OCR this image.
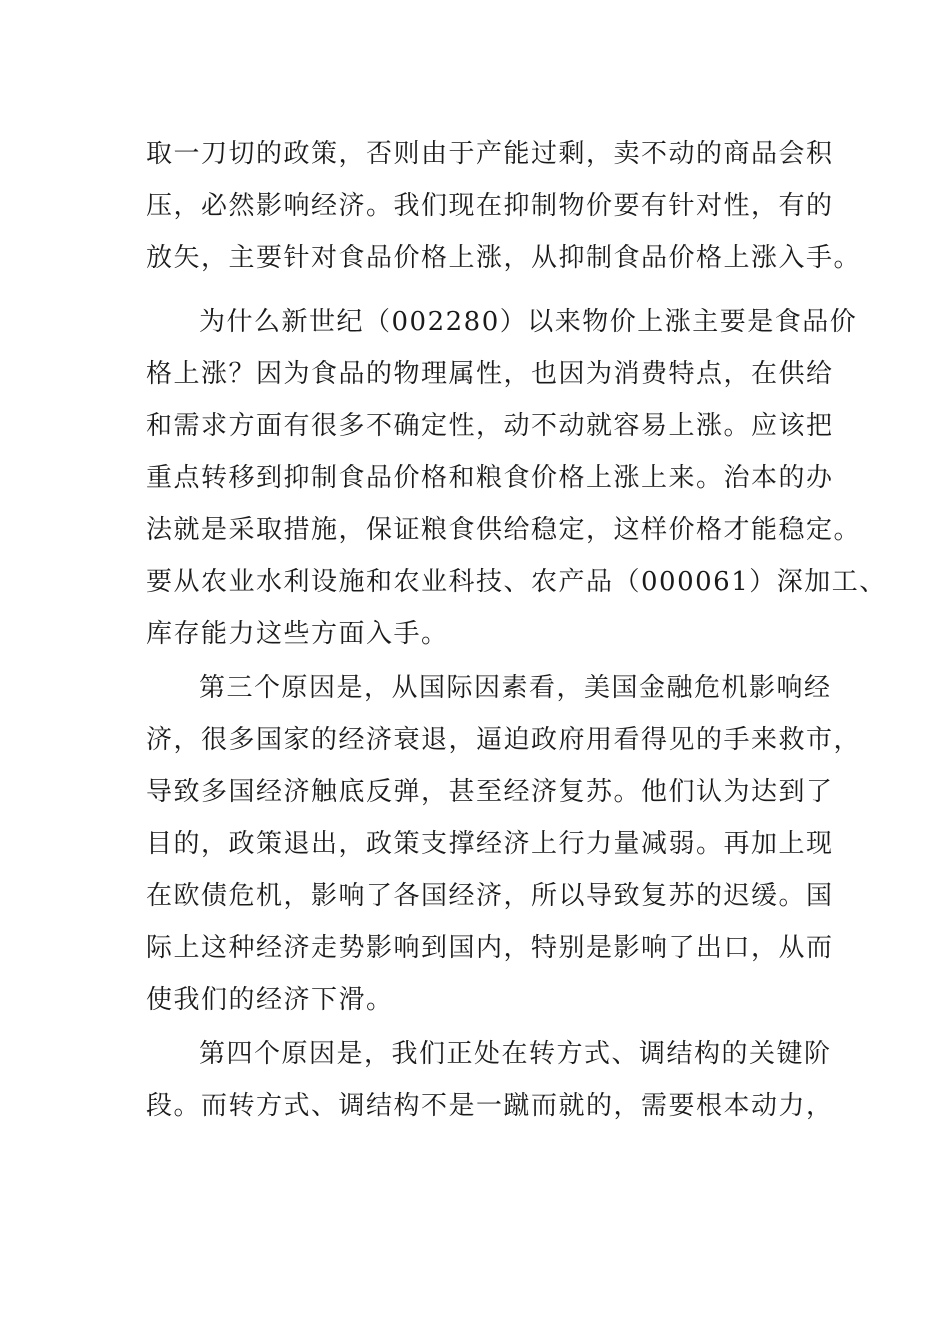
取一刀切的政策，否则由于产能过剩，卖不动的商品会积
压，必然影响经济。我们现在抑制物价要有针对性，有的
放矢，主要针对食品价格上涨，从抑制食品价格上涨入手。
为什么新世纪（002280）以来物价上涨主要是食品价
格上涨？因为食品的物理属性，也因为消费特点，在供给
和需求方面有很多不确定性，动不动就容易上涨。应该把
重点转移到抑制食品价格和粮食价格上涨上来。治本的办
法就是采取措施，保证粮食供给稳定，这样价格才能稳定。
要从农业水利设施和农业科技、农产品（000061）深加工、
库存能力这些方面入手。
第三个原因是，从国际因素看，美国金融危机影响经
济，很多国家的经济衰退，逼迫政府用看得见的手来救市，
导致多国经济触底反弹，甚至经济复苏。他们认为达到了
目的，政策退出，政策支撑经济上行力量减弱。再加上现
在欧债危机，影响了各国经济，所以导致复苏的迟缓。国
际上这种经济走势影响到国内，特别是影响了出口，从而
使我们的经济下滑。
第四个原因是，我们正处在转方式、调结构的关键阶
段。而转方式、调结构不是一蹴而就的，需要根本动力，
